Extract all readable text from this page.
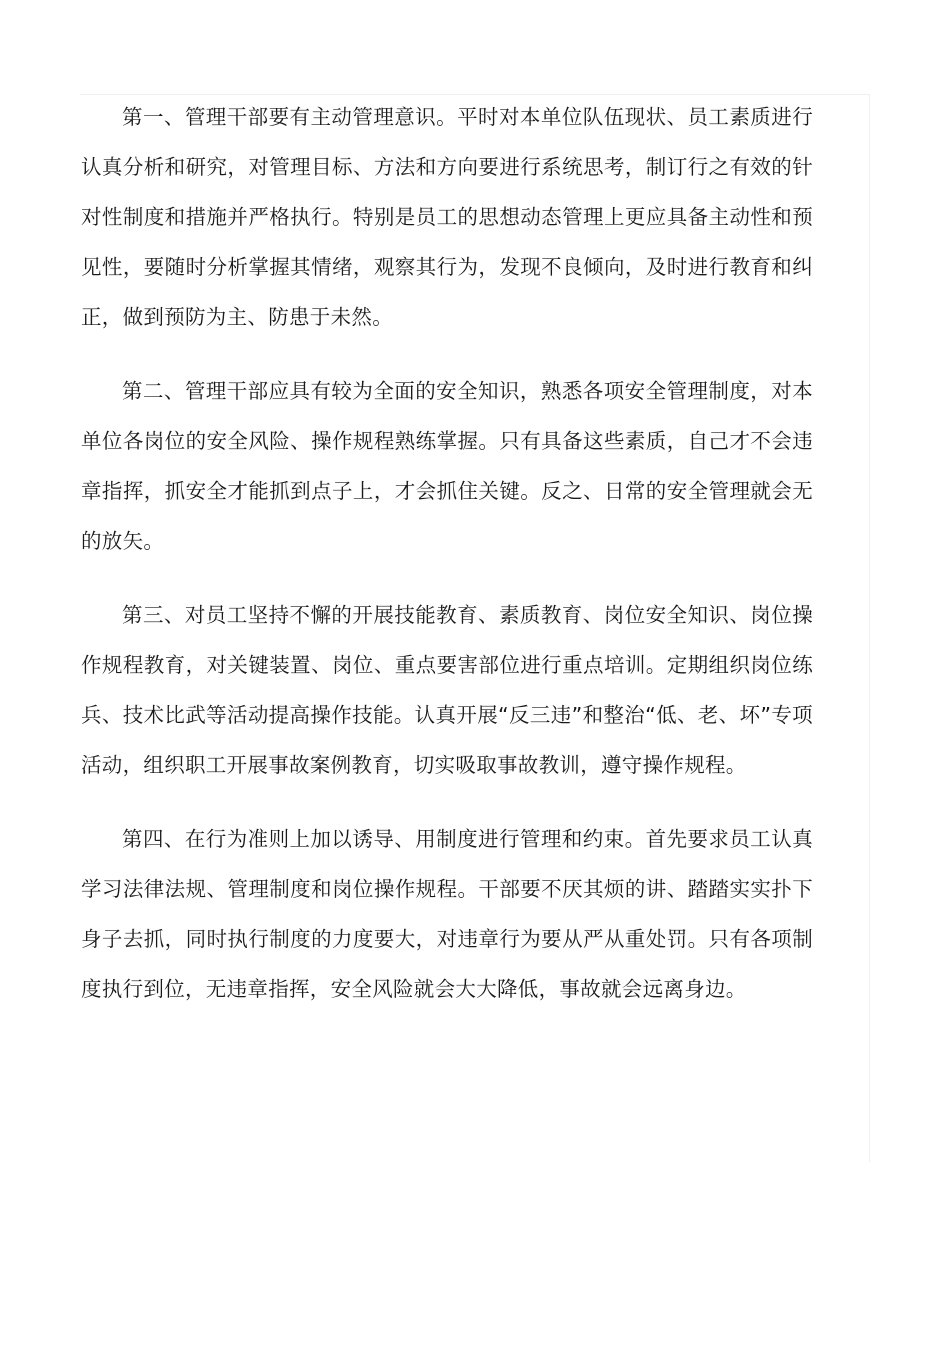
第一、管理干部要有主动管理意识。平时对本单位队伍现状、员工素质进行认真分析和研究，对管理目标、方法和方向要进行系统思考，制订行之有效的针对性制度和措施并严格执行。特别是员工的思想动态管理上更应具备主动性和预见性，要随时分析掌握其情绪，观察其行为，发现不良倾向，及时进行教育和纠正，做到预防为主、防患于未然。

第二、管理干部应具有较为全面的安全知识，熟悉各项安全管理制度，对本单位各岗位的安全风险、操作规程熟练掌握。只有具备这些素质，自己才不会违章指挥，抓安全才能抓到点子上，才会抓住关键。反之、日常的安全管理就会无的放矢。

第三、对员工坚持不懈的开展技能教育、素质教育、岗位安全知识、岗位操作规程教育，对关键装置、岗位、重点要害部位进行重点培训。定期组织岗位练兵、技术比武等活动提高操作技能。认真开展“反三违”和整治“低、老、坏”专项活动，组织职工开展事故案例教育，切实吸取事故教训，遵守操作规程。

第四、在行为准则上加以诱导、用制度进行管理和约束。首先要求员工认真学习法律法规、管理制度和岗位操作规程。干部要不厌其烦的讲、踏踏实实扑下身子去抓，同时执行制度的力度要大，对违章行为要从严从重处罚。只有各项制度执行到位，无违章指挥，安全风险就会大大降低，事故就会远离身边。
